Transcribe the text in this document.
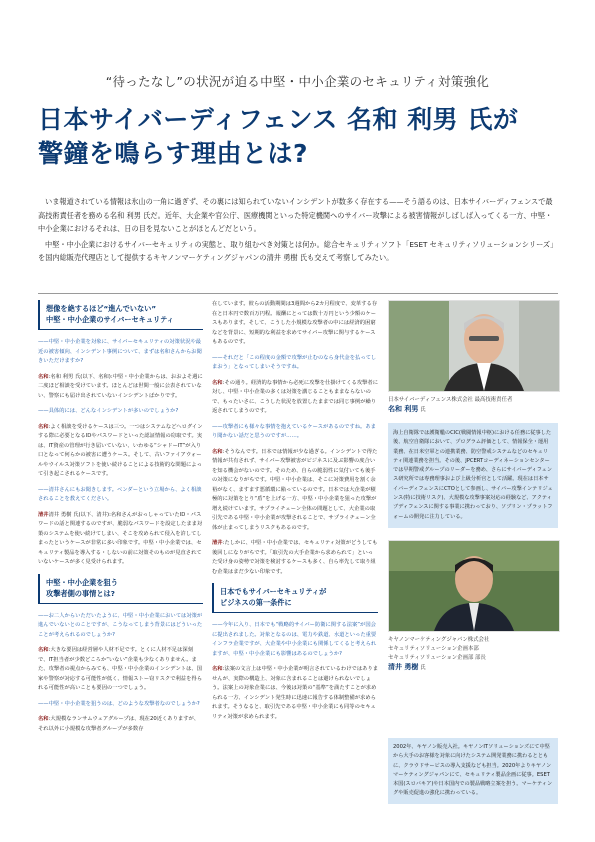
“待ったなし”の状況が迫る中堅・中小企業のセキュリティ対策強化
日本サイバーディフェンス 名和 利男 氏が
警鐘を鳴らす理由とは?

いま報道されている情報は氷山の一角に過ぎず、その裏には知られていないインシデントが数多く存在する——そう語るのは、日本サイバーディフェンスで最高技術責任者を務める名和 利男 氏だ。近年、大企業や官公庁、医療機関といった特定機関へのサイバー攻撃による被害情報がしばしば入ってくる一方、中堅・中小企業におけるそれは、日の目を見ないことがほとんどだという。

中堅・中小企業におけるサイバーセキュリティの実態と、取り組むべき対策とは何か。総合セキュリティソフト「ESET セキュリティソリューションシリーズ」を国内総販売代理店として提供するキヤノンマーケティングジャパンの清井 勇樹 氏も交えて考察してみたい。

想像を絶するほど“進んでいない”
中堅・中小企業のサイバーセキュリティ

——中堅・中小企業を対象に、サイバーセキュリティの対策状況や最近の被害傾向、インシデント事例について、まずは名和さんからお聞きいただけますか?

名和:名和 利男 氏(以下、名和):中堅・中小企業からは、おおよそ週に二度ほど相談を受けています。ほとんどは世間一般に公表されていない、警察にも届け出されていないインシデントばかりです。

——具体的には、どんなインシデントが多いのでしょうか?

名和:よく相談を受けるケースは三つ。一つはシステムなどへログインする際に必要となるIDやパスワードといった認証情報の窃取です。実は、IT資産の管理が行き届いていない、いわゆる“シャドーIT”が入り口となって何らかの被害に遭うケース。そして、古いファイアウォールやウイルス対策ソフトを使い続けることによる技術的な問題によって引き起こされるケースです。

——清井さんにもお聞きします。ベンダーという立場から、よく相談されることを教えてください。

清井清井 勇樹 氏(以下、清井):名和さんがおっしゃっていたID・パスワードの話と関連するのですが、脆弱なパスワードを設定したまま対策のシステムを使い続けてしまい、そこを攻められて侵入を許してしまったというケースが非常に多い印象です。中堅・中小企業では、セキュリティ製品を導入する・しないの前に対策そのものが見直されていないケースが多く見受けられます。

中堅・中小企業を狙う
攻撃者側の事情とは?

——お二人からいただいたように、中堅・中小企業においては対策が進んでいないとのことですが、こうなってしまう背景にはどういったことが考えられるのでしょうか?

名和:大きな要因は経営層や人材不足です。とくに人材不足は深刻で、IT担当者が少数どころか“いない”企業も少なくありません。また、攻撃者の視点からみても、中堅・中小企業のインシデントは、国家や警察が対応する可能性が低く、情報ストー窃リスクで利益を得られる可能性が高いことも要因の一つでしょう。

——中堅・中小企業を狙うのは、どのような攻撃者なのでしょうか?

名和:大規模なランサムウェアグループは、現在20近くありますが、それ以外に小規模な攻撃者グループが多数存

在しています。彼らの活動期間は3週間から2カ月程度で、変革する存在と日本円で数百万円程。報酬にとっては数十万円という少額のケースもあります。そして、こうした小規模な攻撃者の中には経済的困窮などを背景に、短期的な利益を求めてサイバー攻撃に関与するケースもあるのです。

——それだと「この程度の金額で攻撃が止むのなら身代金を払ってしまおう」となってしまいそうですね。

名和:その通り。経済的な事情から必死に攻撃を仕掛けてくる攻撃者に対し、中堅・中小企業の多くは対策を講じることもままならないので、もったいさに、こうした状況を放置したままでは同じ事例が繰り返されてしまうのです。

——攻撃者にも様々な事情を抱えているケースがあるのですね。あまり聞かない話だと思うのですが……。

名和:そうなんです。日本では情報が少な過ぎる。インシデントで得た情報が共有されず、サイバー攻撃被害がビジネスに及ぶ影響の度合いを知る機会がないのです。そのため、自らの脆弱性に気付いても後手の対策になりがちです。中堅・中小企業は、そこに対策費用を割く余裕がなく、ますます悪循環に陥っているのです。日本では大企業が積極的に対策をとり“盾”を上げる一方、中堅・中小企業を狙った攻撃が増え続けています。サプライチェーン全体の問題として、大企業の取引先である中堅・中小企業が攻撃されることで、サプライチェーン全体が止まってしまうリスクもあるのです。

清井:たしかに、中堅・中小企業では、セキュリティ対策がどうしても後回しになりがちです。「取引先の大手企業から求められて」といった受け身の姿勢で対策を検討するケースも多く、自ら率先して取り組む企業はまだ少ない印象です。

日本でもサイバーセキュリティが
ビジネスの第一条件に

——今年に入り、日本でも“戦略的サイバー防衛に関する法案”が国会に提出されました。対象となるのは、電力や鉄道、水道といった重要インフラ企業ですが、大企業や中小企業にも関係してくると考えられますが、中堅・中小企業にも影響はあるのでしょうか?

名和:法案の文言上は中堅・中小企業が明言されているわけではありませんが、実際の構造上、対象に含まれることは避けられないでしょう。法案上の対象企業には、今後は対策の“基準”を満たすことが求められる一方、インシデント発生時に迅速に報告する体制整備が求められます。そうなると、取引先である中堅・中小企業にも同等のセキュリティ対策が求められます。

日本サイバーディフェンス株式会社 最高技術責任者
名和 利男 氏
海上自衛隊では護衛艦のCIC(戦闘情報中枢)における任務に従事した後、航空自衛隊において、プログラム評価として、情報保全・運用業務、在日米空軍との連携業務、防空警戒システムなどのセキュリティ関連業務を担当。その後、JPCERTコーディネーションセンターでは早期警戒グループのリーダーを務め、さらにサイバーディフェンス研究所では専務理事および上級分析官として活躍。現在は日本サイバーディフェンスにCTOとして参画し、サイバー攻撃インテリジェンス(特に技術リスク)、大規模な攻撃事案対応の経験など、アクティブディフェンスに関する事業に携わっており、ソブリン・プラットフォームの開発に注力している。
キヤノンマーケティングジャパン株式会社
セキュリティソリューション企画本部
セキュリティソリューション企画部 部長
清井 勇樹 氏
2002年、キヤノン販売入社。キヤノンITソリューションズにて中堅から大手のお客様を対象に向けたシステム開発業務に携わるとともに、クラウドサービスの導入支援なども担当。2020年よりキヤノンマーケティングジャパンにて、セキュリティ製品企画に従事。ESET本国(スロバキア)や日本国内での製品戦略立案を担う。マーケティングや販売促進の強化に携わっている。
